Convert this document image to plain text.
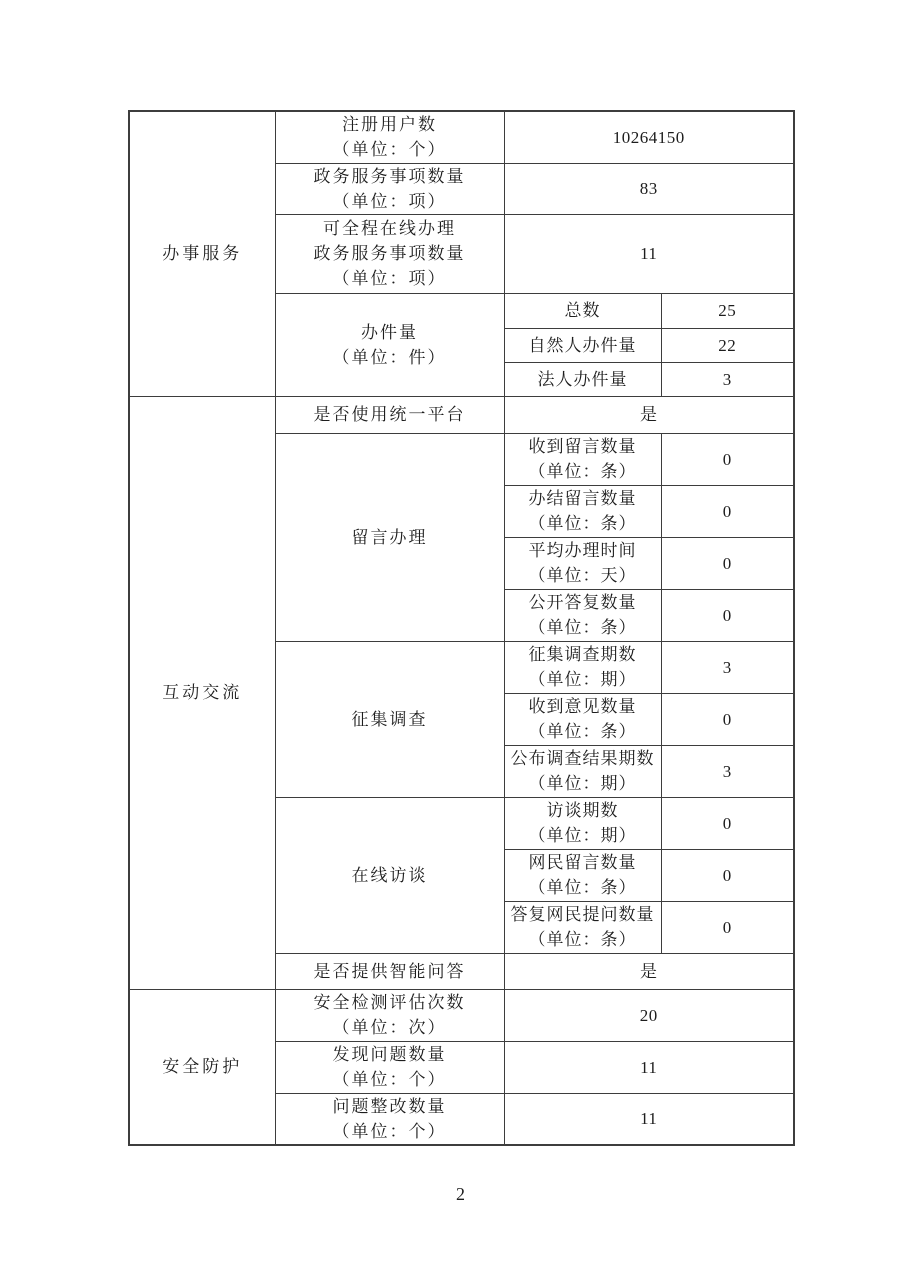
办事服务	注册用户数
（单位：个）	10264150	

	政务服务事项数量
（单位：项）	83	

	可全程在线办理
政务服务事项数量
（单位：项）	11	

	办件量
（单位：件）	总数	25

		自然人办件量	22

		法人办件量	3

互动交流	是否使用统一平台	是	

	留言办理	收到留言数量
（单位：条）	0

		办结留言数量
（单位：条）	0

		平均办理时间
（单位：天）	0

		公开答复数量
（单位：条）	0

	征集调查	征集调查期数
（单位：期）	3

		收到意见数量
（单位：条）	0

		公布调查结果期数
（单位：期）	3

	在线访谈	访谈期数
（单位：期）	0

		网民留言数量
（单位：条）	0

		答复网民提问数量
（单位：条）	0

	是否提供智能问答	是	

安全防护	安全检测评估次数
（单位：次）	20	

	发现问题数量
（单位：个）	11	

	问题整改数量
（单位：个）	11	
2
